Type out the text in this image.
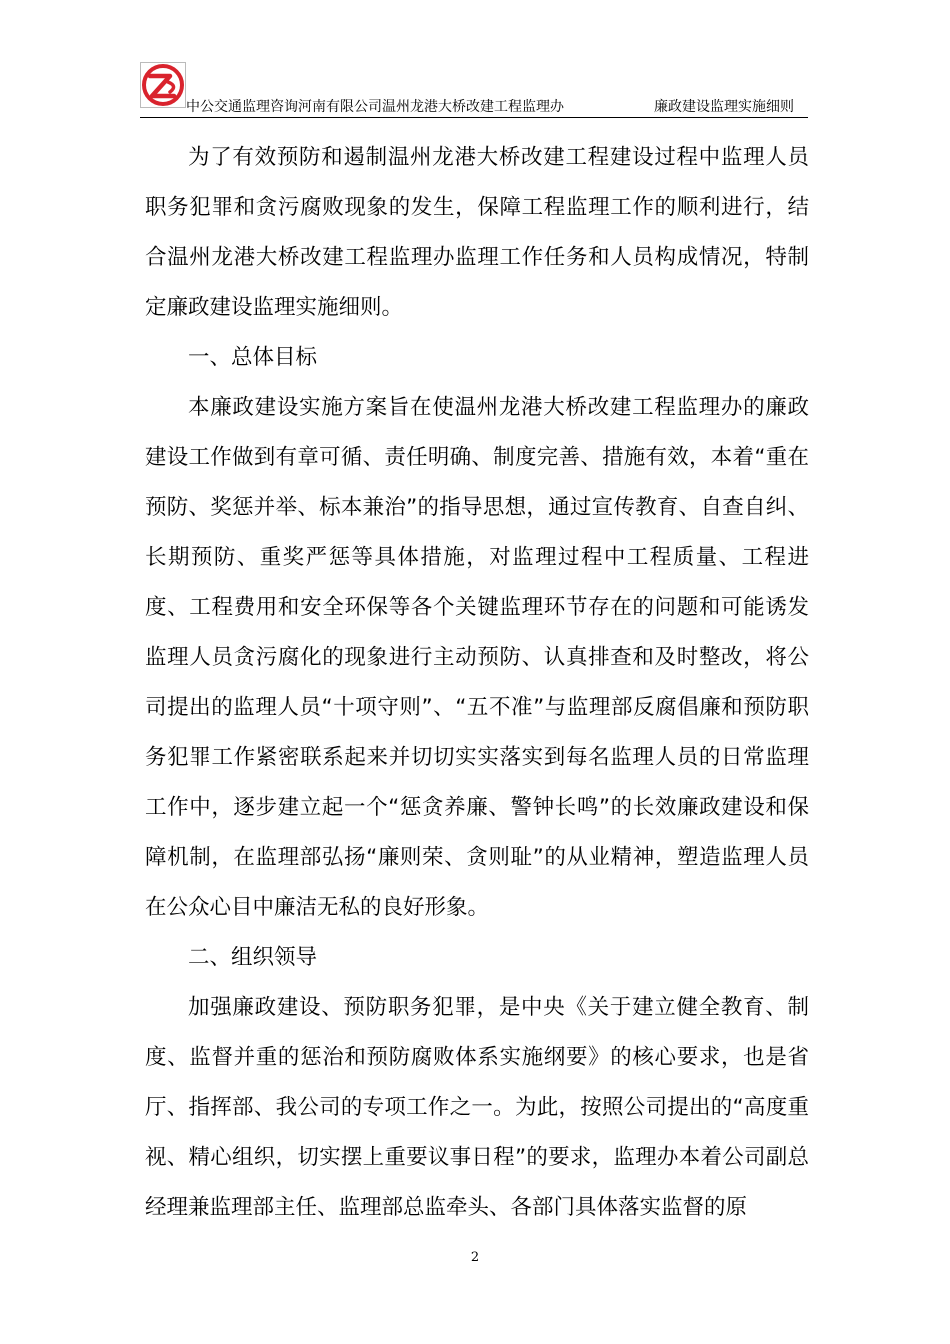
中公交通监理咨询河南有限公司温州龙港大桥改建工程监理办	廉政建设监理实施细则

为了有效预防和遏制温州龙港大桥改建工程建设过程中监理人员职务犯罪和贪污腐败现象的发生，保障工程监理工作的顺利进行，结合温州龙港大桥改建工程监理办监理工作任务和人员构成情况，特制定廉政建设监理实施细则。

一、总体目标

本廉政建设实施方案旨在使温州龙港大桥改建工程监理办的廉政建设工作做到有章可循、责任明确、制度完善、措施有效，本着“重在预防、奖惩并举、标本兼治”的指导思想，通过宣传教育、自查自纠、长期预防、重奖严惩等具体措施，对监理过程中工程质量、工程进度、工程费用和安全环保等各个关键监理环节存在的问题和可能诱发监理人员贪污腐化的现象进行主动预防、认真排查和及时整改，将公司提出的监理人员“十项守则”、“五不准”与监理部反腐倡廉和预防职务犯罪工作紧密联系起来并切切实实落实到每名监理人员的日常监理工作中，逐步建立起一个“惩贪养廉、警钟长鸣”的长效廉政建设和保障机制，在监理部弘扬“廉则荣、贪则耻”的从业精神，塑造监理人员在公众心目中廉洁无私的良好形象。

二、组织领导

加强廉政建设、预防职务犯罪，是中央《关于建立健全教育、制度、监督并重的惩治和预防腐败体系实施纲要》的核心要求，也是省厅、指挥部、我公司的专项工作之一。为此，按照公司提出的“高度重视、精心组织，切实摆上重要议事日程”的要求，监理办本着公司副总经理兼监理部主任、监理部总监牵头、各部门具体落实监督的原

2
